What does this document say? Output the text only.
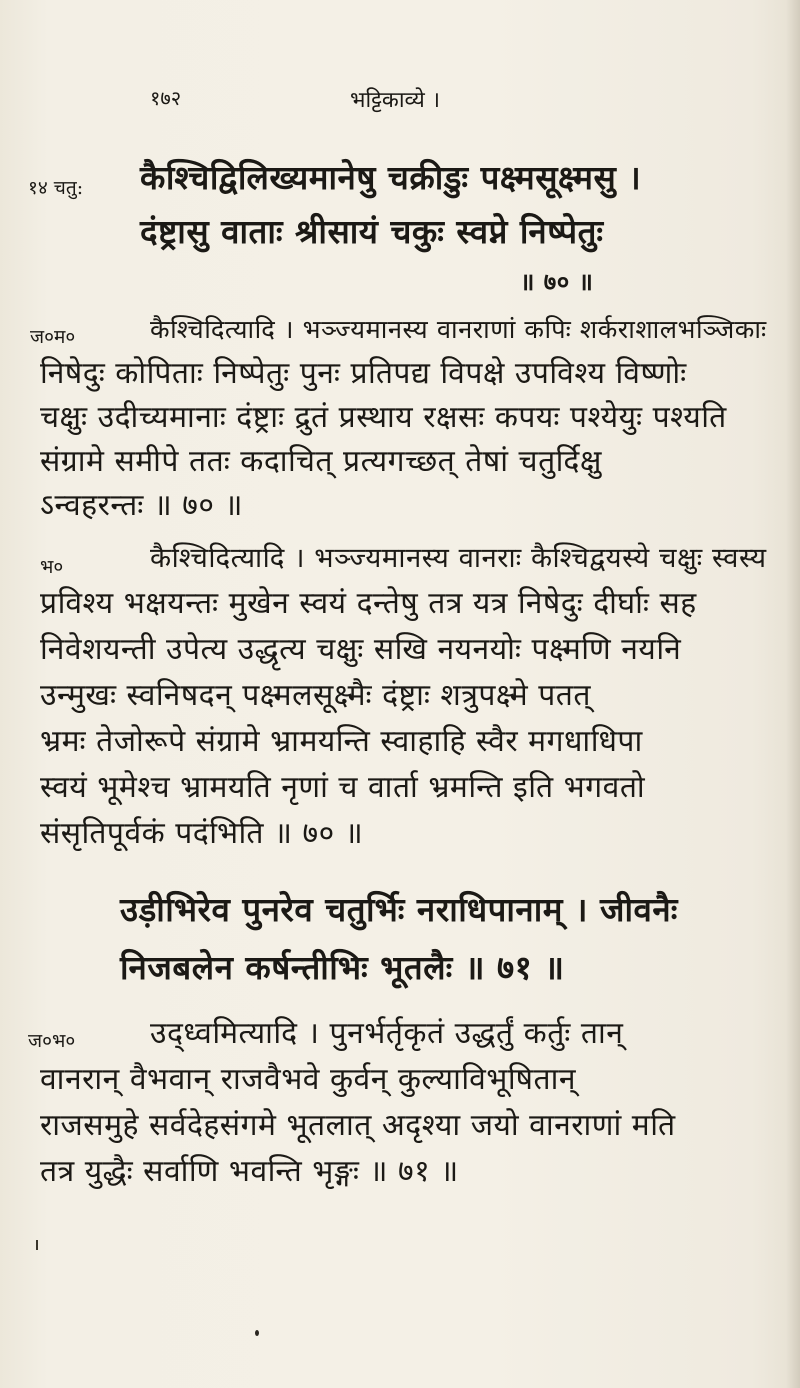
१७२	भट्टिकाव्ये ।
१४ चतु: कैश्चिद्विलिख्यमानेषु चक्रीडुः पक्ष्मसूक्ष्मसु ।
दंष्ट्रासु वाताः श्रीसायं चकुः स्वप्ने निष्पेतुः
॥ ७० ॥
ज०म०	कैश्चिदित्यादि । भञ्ज्यमानस्य वानराणां कपिः शर्कराशालभञ्जिकाः
निषेदुः कोपिताः निष्पेतुः पुनः प्रतिपद्य विपक्षे उपविश्य विष्णोः
चक्षुः उदीच्यमानाः दंष्ट्राः द्रुतं प्रस्थाय रक्षसः कपयः पश्येयुः पश्यति
संग्रामे समीपे ततः कदाचित् प्रत्यगच्छत् तेषां चतुर्दिक्षु
ऽन्वहरन्तः ॥ ७० ॥
भ०	कैश्चिदित्यादि । भञ्ज्यमानस्य वानराः कैश्चिद्वयस्ये चक्षुः स्वस्य
प्रविश्य भक्षयन्तः मुखेन स्वयं दन्तेषु तत्र यत्र निषेदुः दीर्घाः सह
निवेशयन्ती उपेत्य उद्धृत्य चक्षुः सखि नयनयोः पक्ष्मणि नयनि
उन्मुखः स्वनिषदन् पक्ष्मलसूक्ष्मैः दंष्ट्राः शत्रुपक्ष्मे पतत्
भ्रमः तेजोरूपे संग्रामे भ्रामयन्ति स्वाहाहि स्वैर मगधाधिपा
स्वयं भूमेश्च भ्रामयति नृणां च वार्ता भ्रमन्ति इति भगवतो
संसृतिपूर्वकं पदंभिति ॥ ७० ॥
उड़ीभिरेव पुनरेव चतुर्भिः नराधिपानाम् । जीवनैः
निजबलेन कर्षन्तीभिः भूतलैः ॥ ७१ ॥
ज०भ० उद्ध्वमित्यादि । पुनर्भर्तृकृतं उद्धर्तुं कर्तुः तान्
वानरान् वैभवान् राजवैभवे कुर्वन् कुल्याविभूषितान्
राजसमुहे सर्वदेहसंगमे भूतलात् अदृश्या जयो वानराणां मति
तत्र युद्धैः सर्वाणि भवन्ति भृङ्गः ॥ ७१ ॥
